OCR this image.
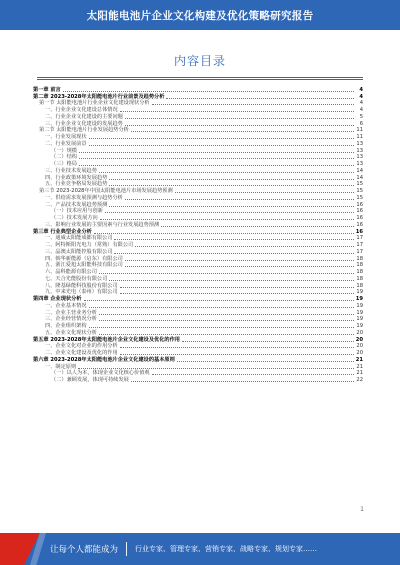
太阳能电池片企业文化构建及优化策略研究报告
内容目录
第一章 前言	4
第二章 2023-2028年太阳能电池片行业前景及趋势分析	4
第一节 太阳能电池片行业企业文化建设现状分析	4
一、行业企业文化建设总体情况	4
二、行业企业文化建设的主要问题	5
三、行业企业文化建设的发展趋势	6
第二节 太阳能电池片行业发展趋势分析	11
一、行业发展现状	11
二、行业发展前景	13
（一）规模	13
（二）结构	13
（三）格局	13
三、行业技术发展趋势	14
四、行业政策环境发展趋势	14
五、行业竞争格局发展趋势	15
第三节 2023-2028年中国太阳能电池片市场发展趋势预测	15
一、供给需求发展预测与趋势分析	15
二、产品技术发展趋势预测	16
（一）技术应用与创新	16
（二）技术发展方向	16
三、影响行业发展的主要因素与行业发展趋势预测	16
第三章 行业典型企业分析	16
一、通威太阳能成都有限公司	17
二、阿特斯阳光电力（常熟）有限公司	17
三、晶澳太阳能控股有限公司	17
四、韩华新能源（启东）有限公司	18
五、浙江爱旭太阳能科技有限公司	18
六、晶科能源有限公司	18
七、天合光能股份有限公司	18
八、隆基绿能科技股份有限公司	18
九、中来光电（泰州）有限公司	19
第四章 企业现状分析	19
一、企业基本情况	19
二、企业主营业务分析	19
三、企业经营情况分析	19
四、企业组织架构	19
五、企业文化现状分析	20
第五章 2023-2028年太阳能电池片企业文化建设及优化的作用	20
一、企业文化对企业的作用分析	20
二、企业文化建设及优化的作用	20
第六章 2023-2028年太阳能电池片企业文化建设的基本原则	21
一、制定原则	21
（一）以人为本，体现企业文化核心价值观	21
（二）兼顾发展，体现可持续发展	22
1
让每个人都能成为 行业专家、管理专家、营销专家、战略专家、规划专家……
